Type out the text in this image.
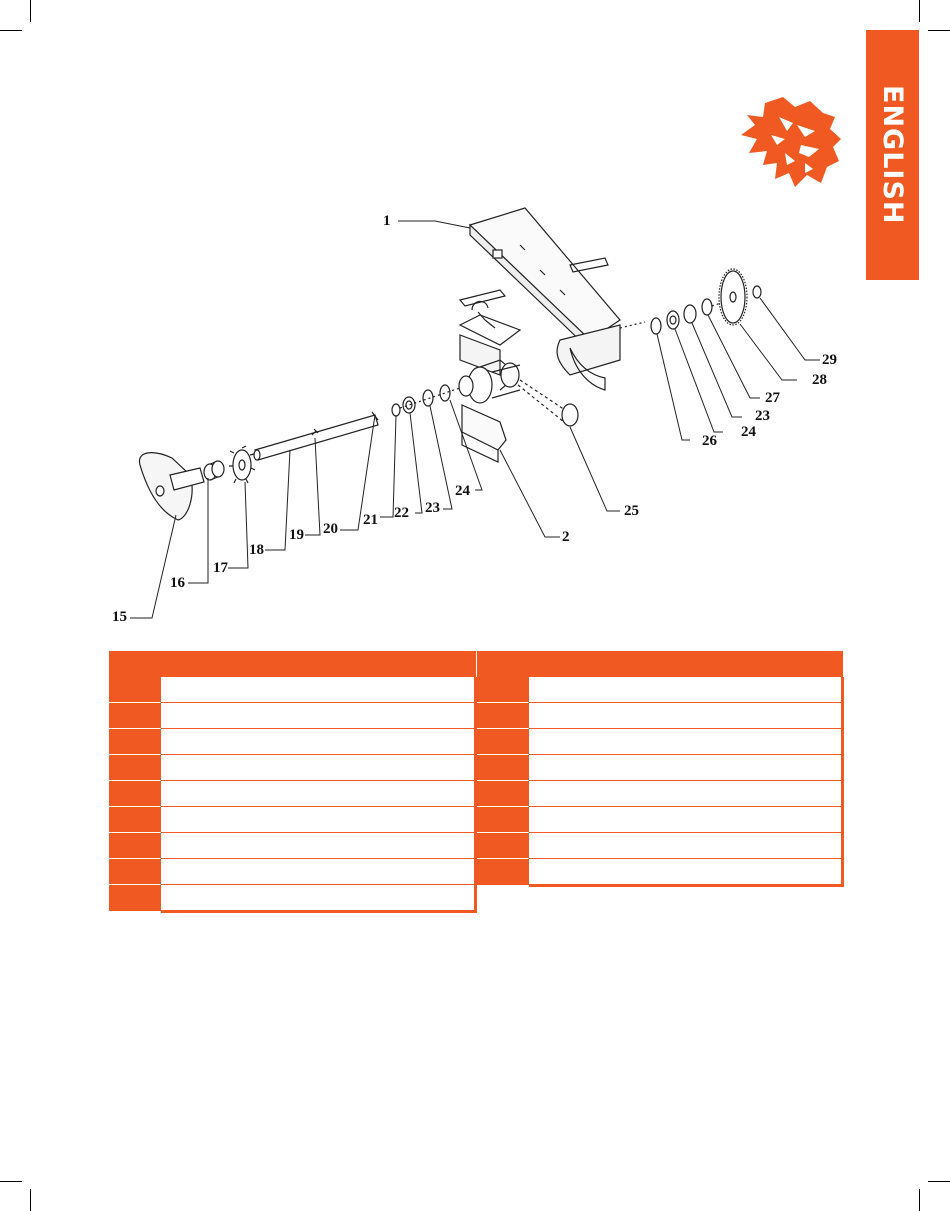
ENGLISH
1
2
15
16
17
18
19 20
21 22 23
24
25
26
24
23
27
28
29
